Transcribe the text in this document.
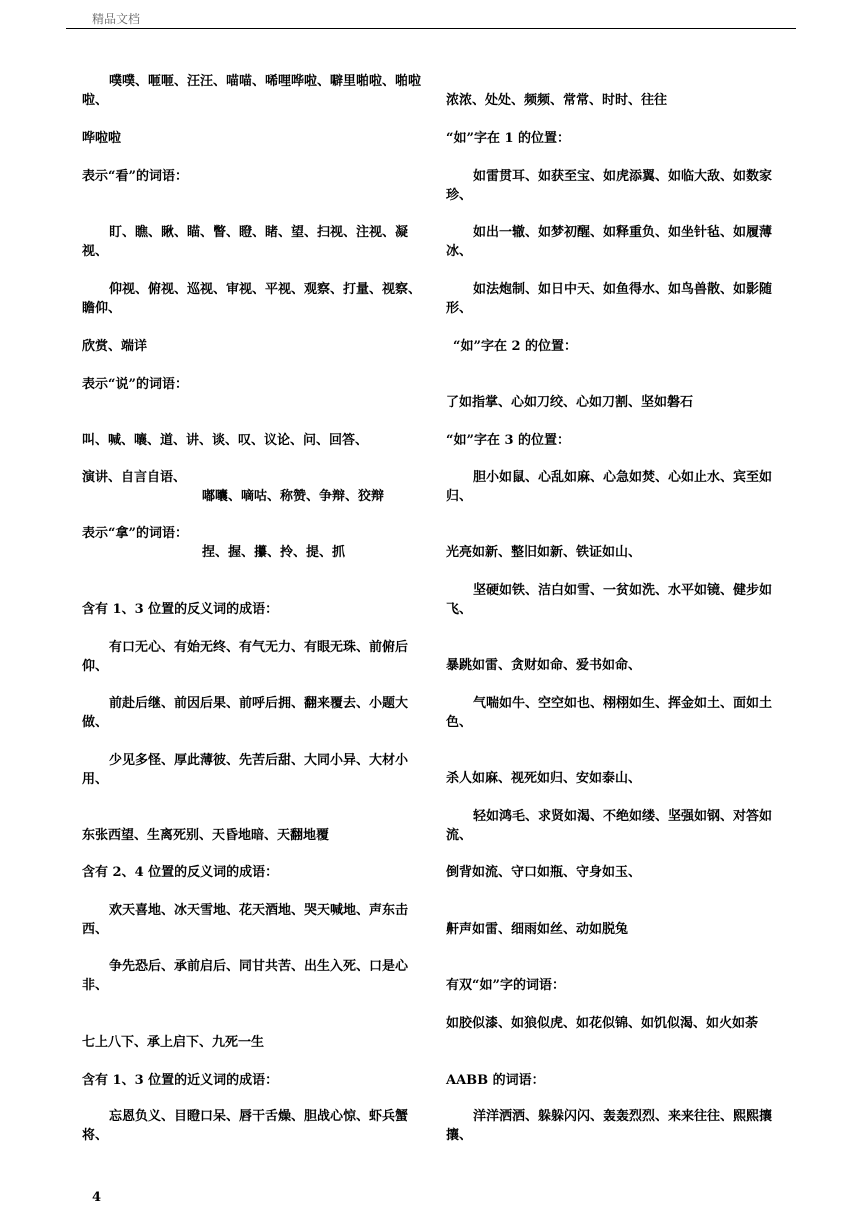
精品文档
噗噗、咂咂、汪汪、喵喵、唏哩哗啦、噼里啪啦、啪啦啦、
哗啦啦
表示“看”的词语：
盯、瞧、瞅、瞄、瞥、瞪、睹、望、扫视、注视、凝视、
仰视、俯视、巡视、审视、平视、观察、打量、视察、瞻仰、
欣赏、端详
表示“说”的词语：
叫、喊、嚷、道、讲、谈、叹、议论、问、回答、
演讲、自言自语、
嘟囔、嘀咕、称赞、争辩、狡辩
表示“拿”的词语：
捏、握、攥、拎、提、抓
含有 1、3 位置的反义词的成语：
有口无心、有始无终、有气无力、有眼无珠、前俯后仰、
前赴后继、前因后果、前呼后拥、翻来覆去、小题大做、
少见多怪、厚此薄彼、先苦后甜、大同小异、大材小用、
东张西望、生离死别、天昏地暗、天翻地覆
含有 2、4 位置的反义词的成语：
欢天喜地、冰天雪地、花天酒地、哭天喊地、声东击西、
争先恐后、承前启后、同甘共苦、出生入死、口是心非、
七上八下、承上启下、九死一生
含有 1、3 位置的近义词的成语：
忘恩负义、目瞪口呆、唇干舌燥、胆战心惊、虾兵蟹将、
浓浓、处处、频频、常常、时时、往往
“如”字在 1 的位置：
如雷贯耳、如获至宝、如虎添翼、如临大敌、如数家珍、
如出一辙、如梦初醒、如释重负、如坐针毡、如履薄冰、
如法炮制、如日中天、如鱼得水、如鸟兽散、如影随形、
“如”字在 2 的位置：
了如指掌、心如刀绞、心如刀割、坚如磐石
“如”字在 3 的位置：
胆小如鼠、心乱如麻、心急如焚、心如止水、宾至如归、
光亮如新、整旧如新、铁证如山、
坚硬如铁、洁白如雪、一贫如洗、水平如镜、健步如飞、
暴跳如雷、贪财如命、爱书如命、
气喘如牛、空空如也、栩栩如生、挥金如土、面如土色、
杀人如麻、视死如归、安如泰山、
轻如鸿毛、求贤如渴、不绝如缕、坚强如钢、对答如流、
倒背如流、守口如瓶、守身如玉、
鼾声如雷、细雨如丝、动如脱兔
有双“如”字的词语：
如胶似漆、如狼似虎、如花似锦、如饥似渴、如火如荼
AABB 的词语：
洋洋洒洒、躲躲闪闪、轰轰烈烈、来来往往、熙熙攘攘、
4
